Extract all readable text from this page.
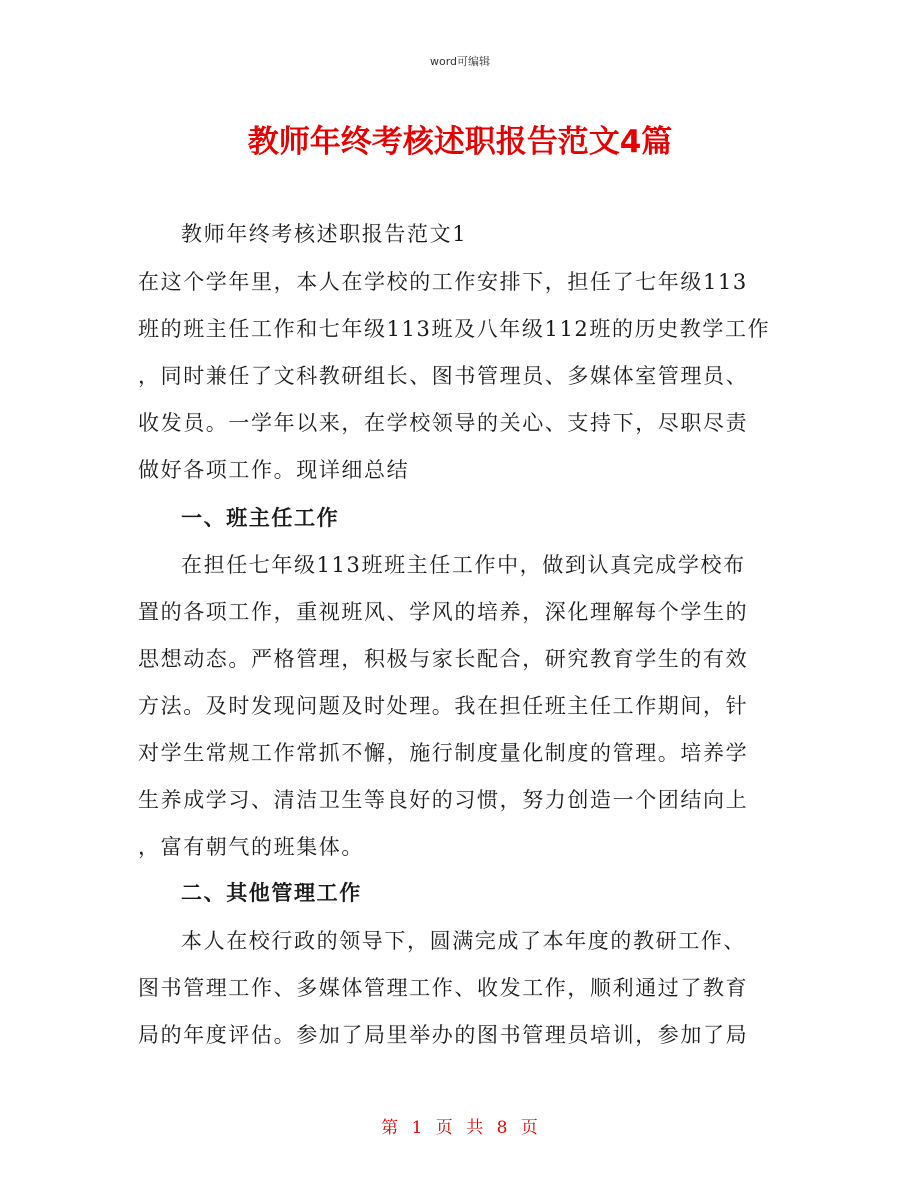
word可编辑
教师年终考核述职报告范文4篇
教师年终考核述职报告范文1
在这个学年里，本人在学校的工作安排下，担任了七年级113
班的班主任工作和七年级113班及八年级112班的历史教学工作
，同时兼任了文科教研组长、图书管理员、多媒体室管理员、
收发员。一学年以来，在学校领导的关心、支持下，尽职尽责
做好各项工作。现详细总结
一、班主任工作
在担任七年级113班班主任工作中，做到认真完成学校布
置的各项工作，重视班风、学风的培养，深化理解每个学生的
思想动态。严格管理，积极与家长配合，研究教育学生的有效
方法。及时发现问题及时处理。我在担任班主任工作期间，针
对学生常规工作常抓不懈，施行制度量化制度的管理。培养学
生养成学习、清洁卫生等良好的习惯，努力创造一个团结向上
，富有朝气的班集体。
二、其他管理工作
本人在校行政的领导下，圆满完成了本年度的教研工作、
图书管理工作、多媒体管理工作、收发工作，顺利通过了教育
局的年度评估。参加了局里举办的图书管理员培训，参加了局
第 1 页 共 8 页
